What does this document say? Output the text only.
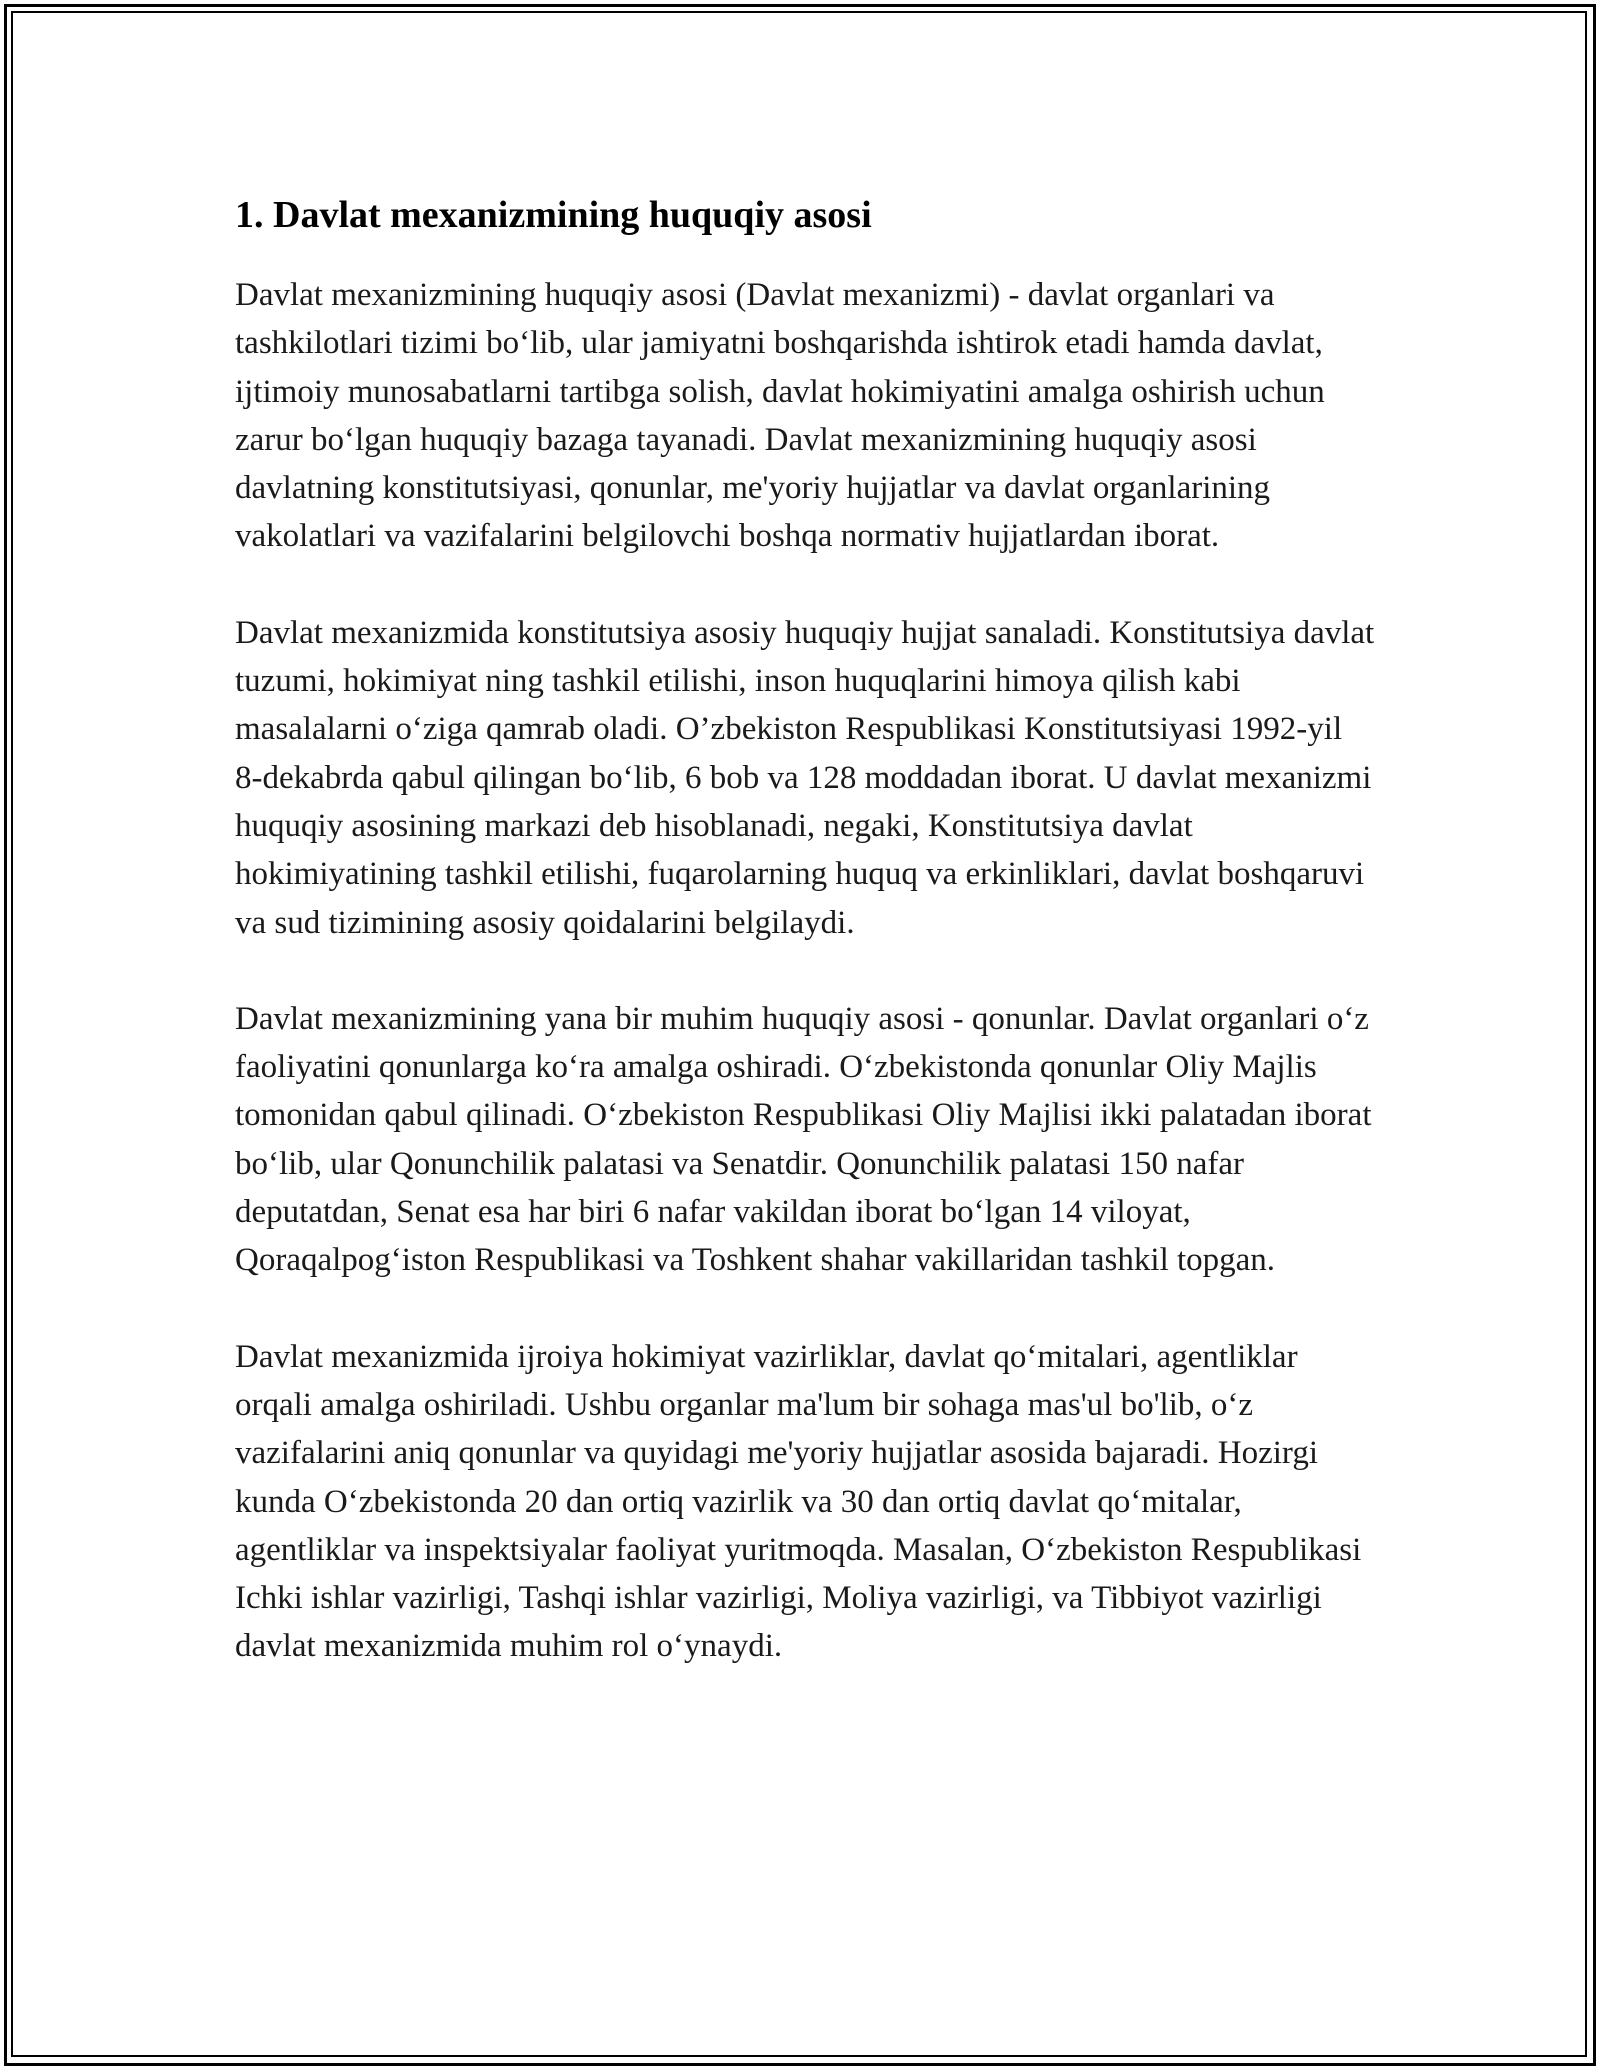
1. Davlat mexanizmining huquqiy asosi

Davlat mexanizmining huquqiy asosi (Davlat mexanizmi) - davlat organlari va tashkilotlari tizimi bo‘lib, ular jamiyatni boshqarishda ishtirok etadi hamda davlat, ijtimoiy munosabatlarni tartibga solish, davlat hokimiyatini amalga oshirish uchun zarur bo‘lgan huquqiy bazaga tayanadi. Davlat mexanizmining huquqiy asosi davlatning konstitutsiyasi, qonunlar, me'yoriy hujjatlar va davlat organlarining vakolatlari va vazifalarini belgilovchi boshqa normativ hujjatlardan iborat.

Davlat mexanizmida konstitutsiya asosiy huquqiy hujjat sanaladi. Konstitutsiya davlat tuzumi, hokimiyat ning tashkil etilishi, inson huquqlarini himoya qilish kabi masalalarni o‘ziga qamrab oladi. O’zbekiston Respublikasi Konstitutsiyasi 1992-yil 8-dekabrda qabul qilingan bo‘lib, 6 bob va 128 moddadan iborat. U davlat mexanizmi huquqiy asosining markazi deb hisoblanadi, negaki, Konstitutsiya davlat hokimiyatining tashkil etilishi, fuqarolarning huquq va erkinliklari, davlat boshqaruvi va sud tizimining asosiy qoidalarini belgilaydi.

Davlat mexanizmining yana bir muhim huquqiy asosi - qonunlar. Davlat organlari o‘z faoliyatini qonunlarga ko‘ra amalga oshiradi. O‘zbekistonda qonunlar Oliy Majlis tomonidan qabul qilinadi. O‘zbekiston Respublikasi Oliy Majlisi ikki palatadan iborat bo‘lib, ular Qonunchilik palatasi va Senatdir. Qonunchilik palatasi 150 nafar deputatdan, Senat esa har biri 6 nafar vakildan iborat bo‘lgan 14 viloyat, Qoraqalpog‘iston Respublikasi va Toshkent shahar vakillaridan tashkil topgan.

Davlat mexanizmida ijroiya hokimiyat vazirliklar, davlat qo‘mitalari, agentliklar orqali amalga oshiriladi. Ushbu organlar ma'lum bir sohaga mas'ul bo'lib, o‘z vazifalarini aniq qonunlar va quyidagi me'yoriy hujjatlar asosida bajaradi. Hozirgi kunda O‘zbekistonda 20 dan ortiq vazirlik va 30 dan ortiq davlat qo‘mitalar, agentliklar va inspektsiyalar faoliyat yuritmoqda. Masalan, O‘zbekiston Respublikasi Ichki ishlar vazirligi, Tashqi ishlar vazirligi, Moliya vazirligi, va Tibbiyot vazirligi davlat mexanizmida muhim rol o‘ynaydi.
